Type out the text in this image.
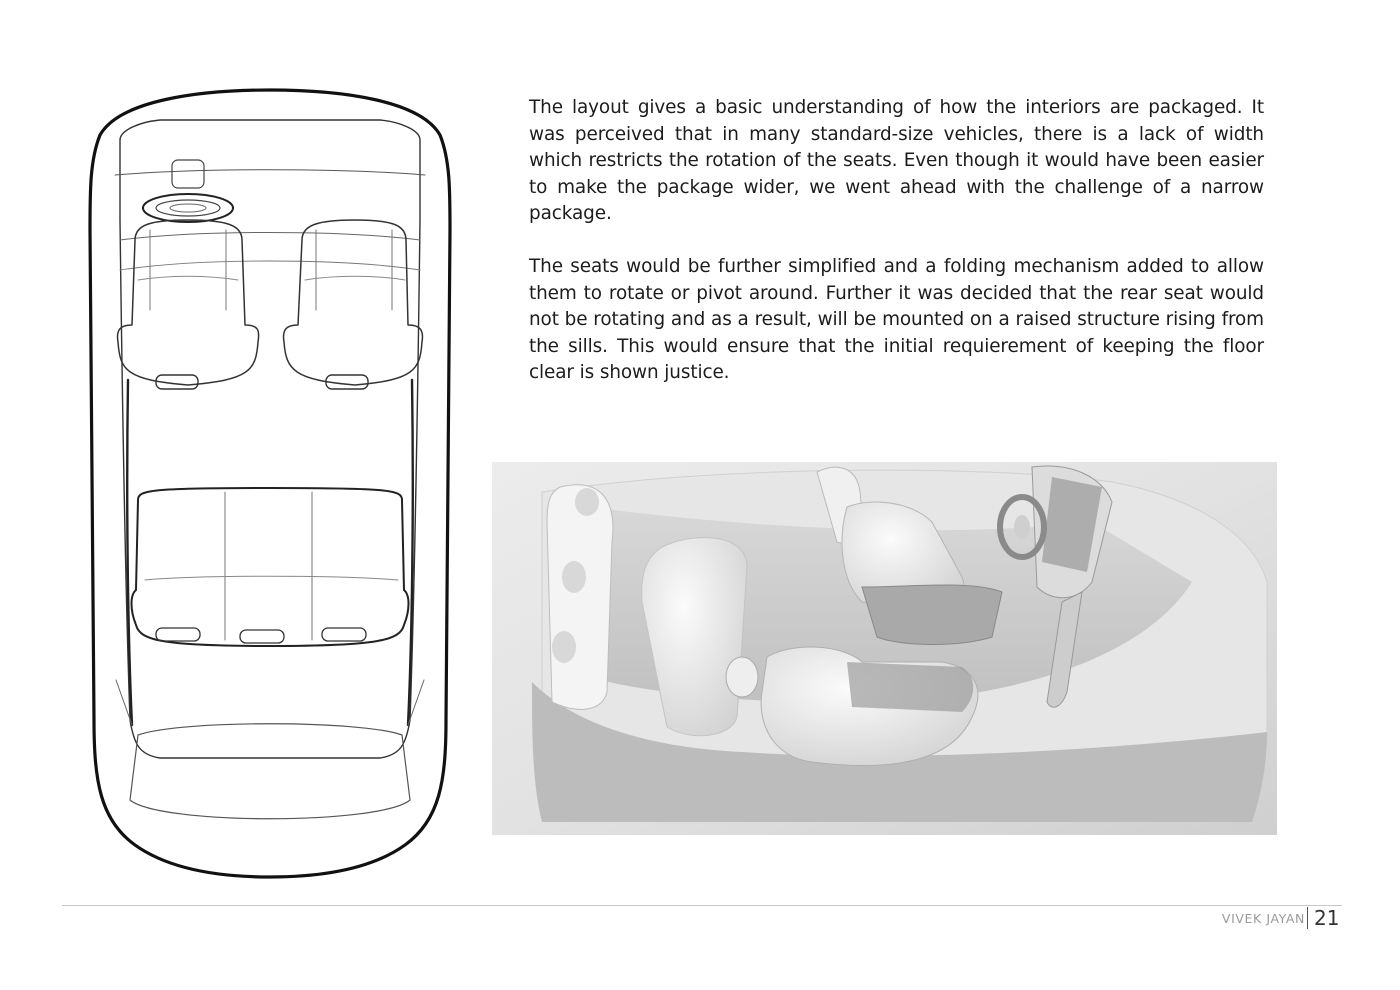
The layout gives a basic understanding of how the interiors are packaged. It was perceived that in many standard-size vehicles, there is a lack of width which restricts the rotation of the seats. Even though it would have been easier to make the package wider, we went ahead with the challenge of a narrow package.

The seats would be further simplified and a folding mechanism added to allow them to rotate or pivot around. Further it was decided that the rear seat would not be rotating and as a result, will be mounted on a raised structure rising from the sills. This would ensure that the initial requierement of keeping the floor clear is shown justice.

VIVEK JAYAN 21
